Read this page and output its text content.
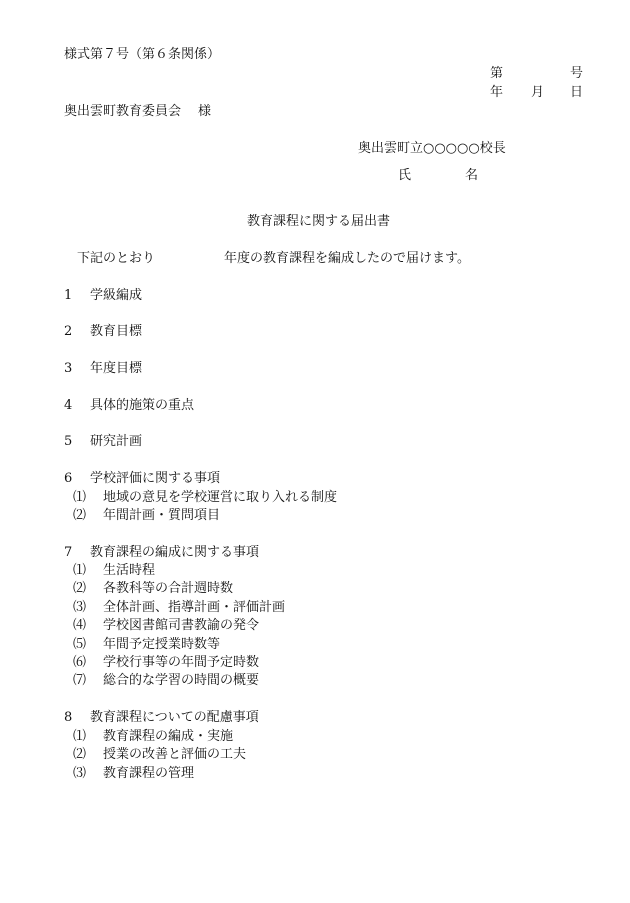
様式第７号（第６条関係）
第	号
年 月 日
奥出雲町教育委員会 様
奥出雲町立○○○○○校長
氏	名
教育課程に関する届出書
下記のとおり	年度の教育課程を編成したので届けます。
1 学級編成
2 教育目標
3 年度目標
4 具体的施策の重点
5 研究計画
6 学校評価に関する事項
⑴ 地域の意見を学校運営に取り入れる制度
⑵ 年間計画・質問項目
7 教育課程の編成に関する事項
⑴ 生活時程
⑵ 各教科等の合計週時数
⑶ 全体計画、指導計画・評価計画
⑷ 学校図書館司書教諭の発令
⑸ 年間予定授業時数等
⑹ 学校行事等の年間予定時数
⑺ 総合的な学習の時間の概要
8 教育課程についての配慮事項
⑴ 教育課程の編成・実施
⑵ 授業の改善と評価の工夫
⑶ 教育課程の管理
